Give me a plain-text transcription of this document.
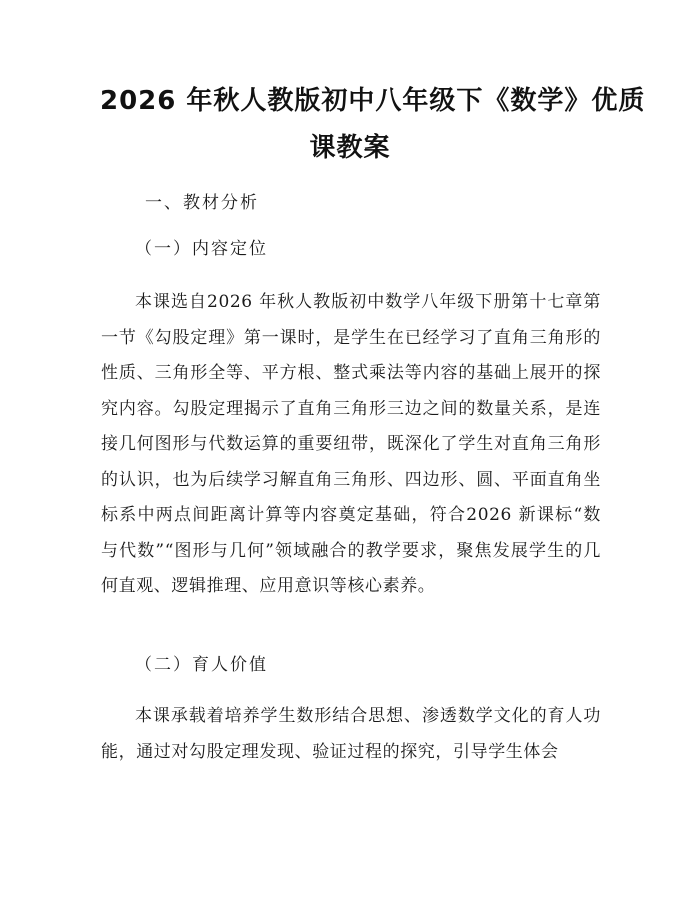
2026 年秋人教版初中八年级下《数学》优质
课教案
一、教材分析
（一）内容定位
本课选自2026 年秋人教版初中数学八年级下册第十七章第一节《勾股定理》第一课时，是学生在已经学习了直角三角形的性质、三角形全等、平方根、整式乘法等内容的基础上展开的探究内容。勾股定理揭示了直角三角形三边之间的数量关系，是连接几何图形与代数运算的重要纽带，既深化了学生对直角三角形的认识，也为后续学习解直角三角形、四边形、圆、平面直角坐标系中两点间距离计算等内容奠定基础，符合2026 新课标“数与代数”“图形与几何”领域融合的教学要求，聚焦发展学生的几何直观、逻辑推理、应用意识等核心素养。
（二）育人价值
本课承载着培养学生数形结合思想、渗透数学文化的育人功能，通过对勾股定理发现、验证过程的探究，引导学生体会
